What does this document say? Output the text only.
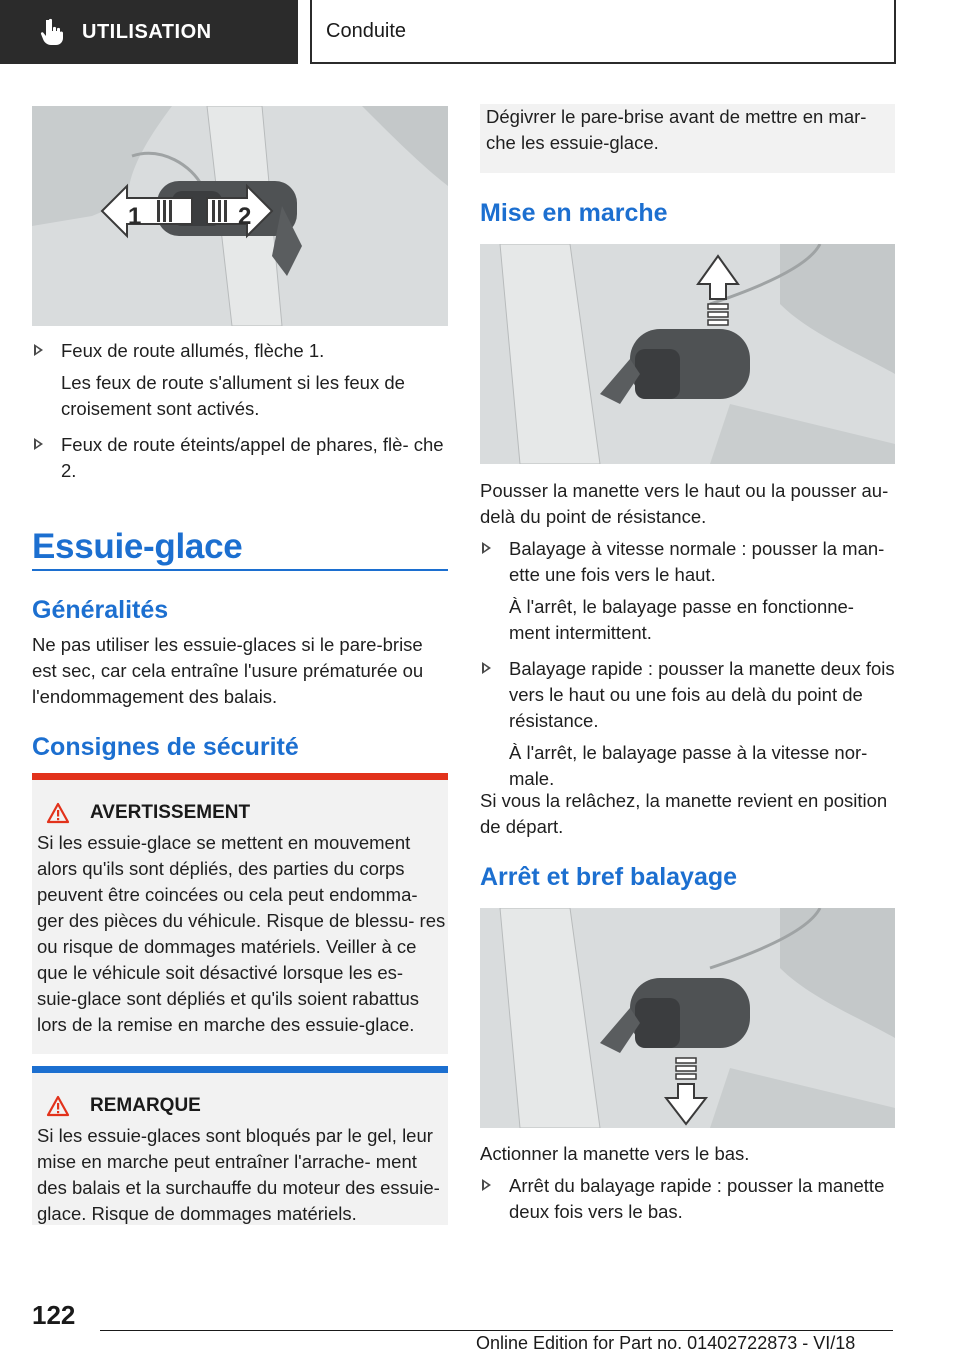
UTILISATION	Conduite
1	2
Feux de route allumés, flèche 1.
Les feux de route s'allument si les feux de croisement sont activés.
Feux de route éteints/appel de phares, flè‐ che 2.
Essuie-glace
Généralités

Ne pas utiliser les essuie-glaces si le pare-brise est sec, car cela entraîne l'usure prématurée ou l'endommagement des balais.

Consignes de sécurité
AVERTISSEMENT

Si les essuie-glace se mettent en mouvement alors qu'ils sont dépliés, des parties du corps peuvent être coincées ou cela peut endomma‐ ger des pièces du véhicule. Risque de blessu‐ res ou risque de dommages matériels. Veiller à ce que le véhicule soit désactivé lorsque les es‐ suie-glace sont dépliés et qu'ils soient rabattus lors de la remise en marche des essuie-glace.

REMARQUE

Si les essuie-glaces sont bloqués par le gel, leur mise en marche peut entraîner l'arrache‐ ment des balais et la surchauffe du moteur des essuie-glace. Risque de dommages matériels.

Dégivrer le pare-brise avant de mettre en mar‐ che les essuie-glace.

Mise en marche

Pousser la manette vers le haut ou la pousser au-delà du point de résistance.

Balayage à vitesse normale : pousser la man‐ ette une fois vers le haut.
À l'arrêt, le balayage passe en fonctionne‐ ment intermittent.
Balayage rapide : pousser la manette deux fois vers le haut ou une fois au delà du point de résistance.
À l'arrêt, le balayage passe à la vitesse nor‐ male.

Si vous la relâchez, la manette revient en position de départ.

Arrêt et bref balayage

Actionner la manette vers le bas.

Arrêt du balayage rapide : pousser la manette deux fois vers le bas.
122
Online Edition for Part no. 01402722873 - VI/18
